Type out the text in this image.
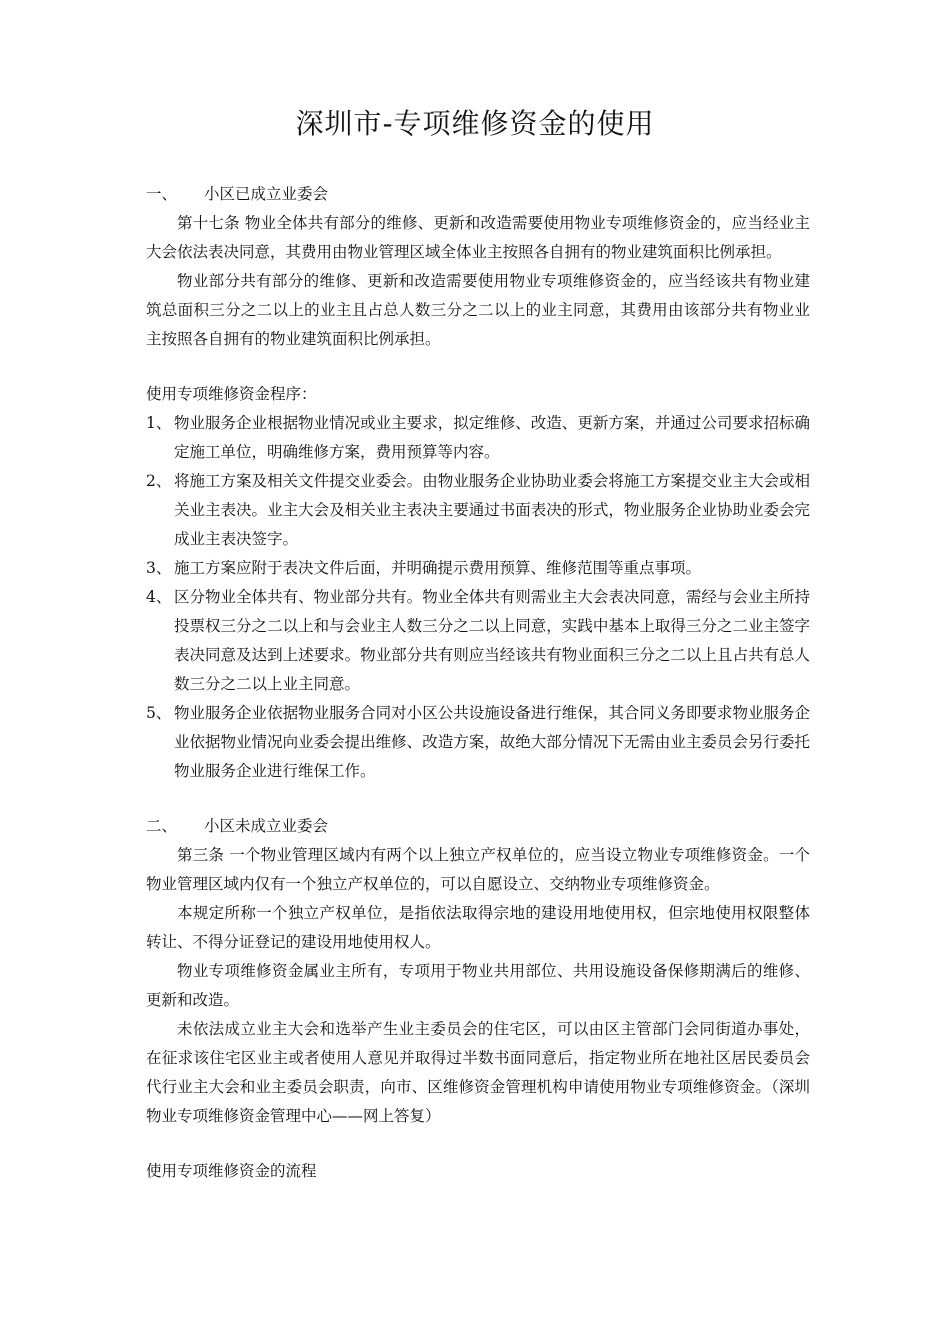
深圳市-专项维修资金的使用
一、	小区已成立业委会
第十七条 物业全体共有部分的维修、更新和改造需要使用物业专项维修资金的，应当经业主大会依法表决同意，其费用由物业管理区域全体业主按照各自拥有的物业建筑面积比例承担。
物业部分共有部分的维修、更新和改造需要使用物业专项维修资金的，应当经该共有物业建筑总面积三分之二以上的业主且占总人数三分之二以上的业主同意，其费用由该部分共有物业业主按照各自拥有的物业建筑面积比例承担。
使用专项维修资金程序：
1、 物业服务企业根据物业情况或业主要求，拟定维修、改造、更新方案，并通过公司要求招标确定施工单位，明确维修方案，费用预算等内容。
2、 将施工方案及相关文件提交业委会。由物业服务企业协助业委会将施工方案提交业主大会或相关业主表决。业主大会及相关业主表决主要通过书面表决的形式，物业服务企业协助业委会完成业主表决签字。
3、 施工方案应附于表决文件后面，并明确提示费用预算、维修范围等重点事项。
4、 区分物业全体共有、物业部分共有。物业全体共有则需业主大会表决同意，需经与会业主所持投票权三分之二以上和与会业主人数三分之二以上同意，实践中基本上取得三分之二业主签字表决同意及达到上述要求。物业部分共有则应当经该共有物业面积三分之二以上且占共有总人数三分之二以上业主同意。
5、 物业服务企业依据物业服务合同对小区公共设施设备进行维保，其合同义务即要求物业服务企业依据物业情况向业委会提出维修、改造方案，故绝大部分情况下无需由业主委员会另行委托物业服务企业进行维保工作。
二、	小区未成立业委会
第三条 一个物业管理区域内有两个以上独立产权单位的，应当设立物业专项维修资金。一个物业管理区域内仅有一个独立产权单位的，可以自愿设立、交纳物业专项维修资金。
本规定所称一个独立产权单位，是指依法取得宗地的建设用地使用权，但宗地使用权限整体转让、不得分证登记的建设用地使用权人。
物业专项维修资金属业主所有，专项用于物业共用部位、共用设施设备保修期满后的维修、更新和改造。
未依法成立业主大会和选举产生业主委员会的住宅区，可以由区主管部门会同街道办事处，在征求该住宅区业主或者使用人意见并取得过半数书面同意后，指定物业所在地社区居民委员会代行业主大会和业主委员会职责，向市、区维修资金管理机构申请使用物业专项维修资金。（深圳物业专项维修资金管理中心——网上答复）
使用专项维修资金的流程
